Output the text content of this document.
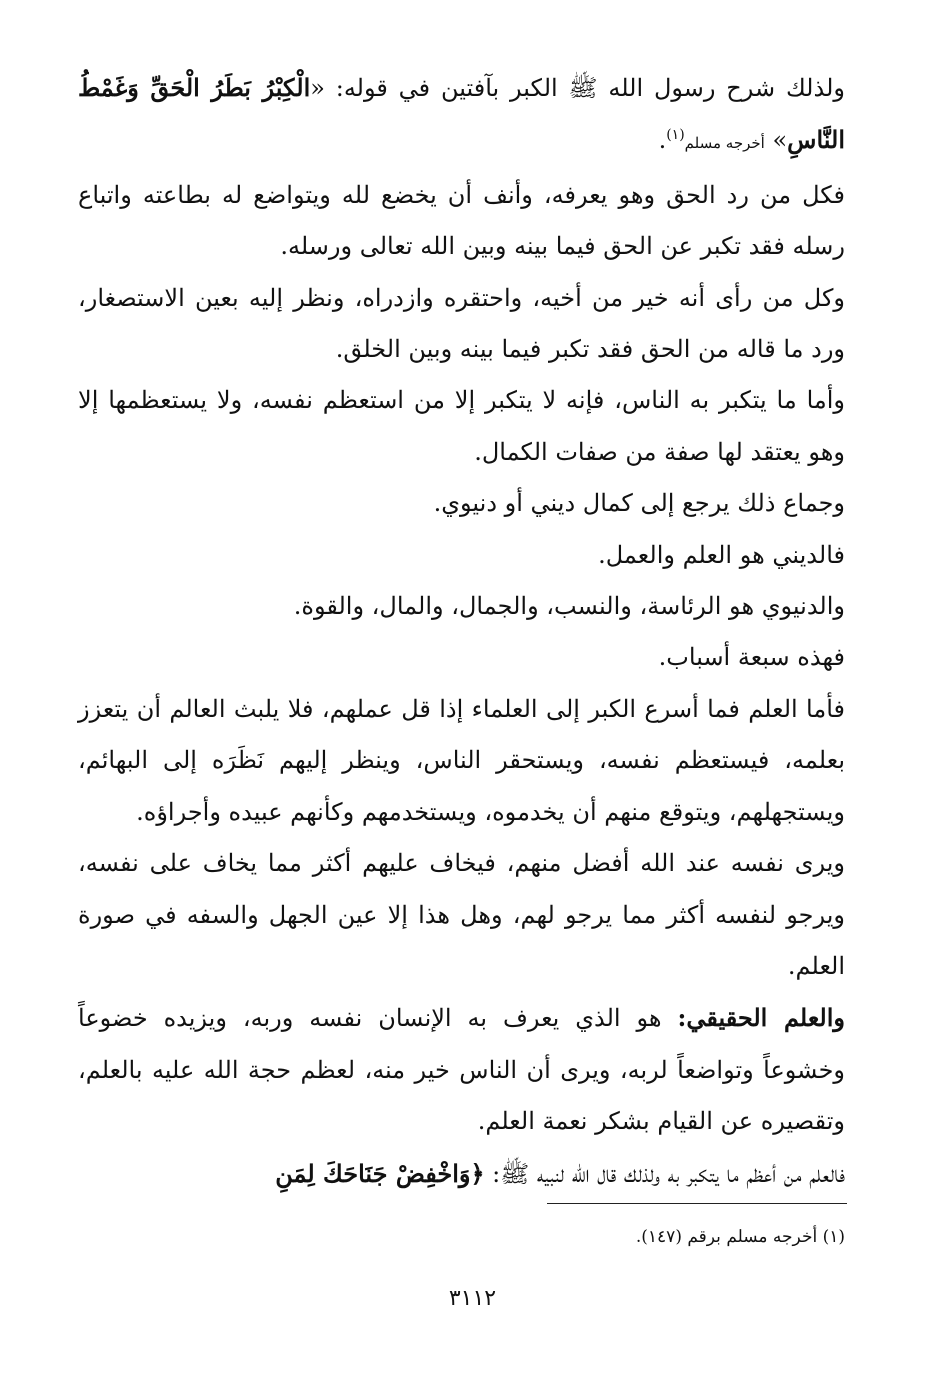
ولذلك شرح رسول الله ﷺ الكبر بآفتين في قوله: «الْكِبْرُ بَطَرُ الْحَقِّ وَغَمْطُ النَّاسِ» أخرجه مسلم$^{(١)}$.

فكل من رد الحق وهو يعرفه، وأنف أن يخضع لله ويتواضع له بطاعته واتباع رسله فقد تكبر عن الحق فيما بينه وبين الله تعالى ورسله.

وكل من رأى أنه خير من أخيه، واحتقره وازدراه، ونظر إليه بعين الاستصغار، ورد ما قاله من الحق فقد تكبر فيما بينه وبين الخلق.

وأما ما يتكبر به الناس، فإنه لا يتكبر إلا من استعظم نفسه، ولا يستعظمها إلا وهو يعتقد لها صفة من صفات الكمال.

وجماع ذلك يرجع إلى كمال ديني أو دنيوي.

فالديني هو العلم والعمل.

والدنيوي هو الرئاسة، والنسب، والجمال، والمال، والقوة.

فهذه سبعة أسباب.

فأما العلم فما أسرع الكبر إلى العلماء إذا قل عملهم، فلا يلبث العالم أن يتعزز بعلمه، فيستعظم نفسه، ويستحقر الناس، وينظر إليهم نَظَرَه إلى البهائم، ويستجهلهم، ويتوقع منهم أن يخدموه، ويستخدمهم وكأنهم عبيده وأجراؤه.

ويرى نفسه عند الله أفضل منهم، فيخاف عليهم أكثر مما يخاف على نفسه، ويرجو لنفسه أكثر مما يرجو لهم، وهل هذا إلا عين الجهل والسفه في صورة العلم.

والعلم الحقيقي: هو الذي يعرف به الإنسان نفسه وربه، ويزيده خضوعاً وخشوعاً وتواضعاً لربه، ويرى أن الناس خير منه، لعظم حجة الله عليه بالعلم، وتقصيره عن القيام بشكر نعمة العلم.

فالعلم من أعظم ما يتكبر به ولذلك قال الله لنبيه ﷺ: ﴿وَاخْفِضْ جَنَاحَكَ لِمَنِ

(١) أخرجه مسلم برقم (١٤٧).
٣١١٢
